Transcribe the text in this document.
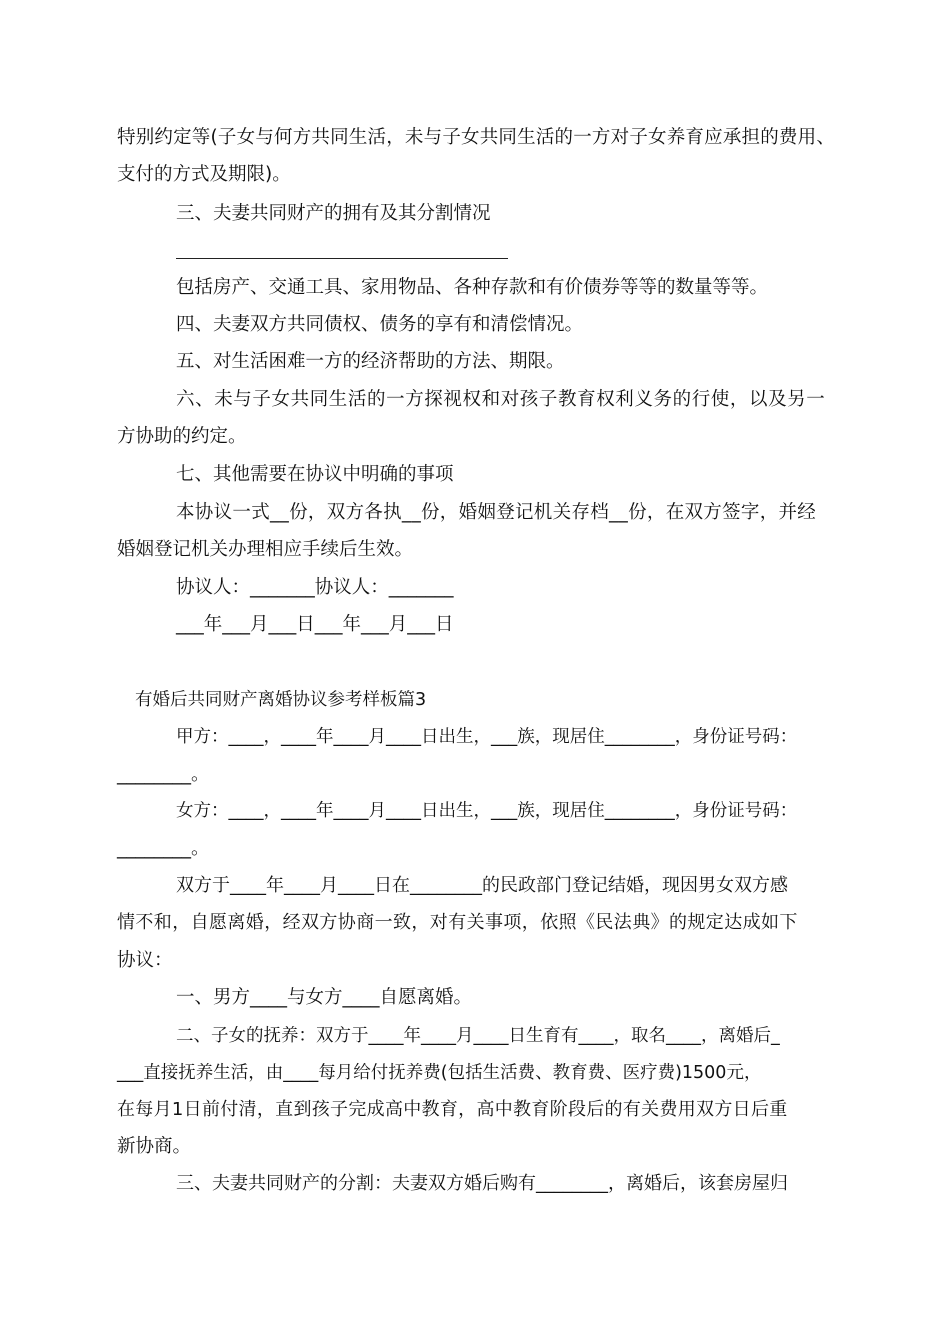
特别约定等(子女与何方共同生活，未与子女共同生活的一方对子女养育应承担的费用、

支付的方式及期限)。

三、夫妻共同财产的拥有及其分割情况

包括房产、交通工具、家用物品、各种存款和有价债券等等的数量等等。

四、夫妻双方共同债权、债务的享有和清偿情况。

五、对生活困难一方的经济帮助的方法、期限。

六、未与子女共同生活的一方探视权和对孩子教育权利义务的行使，以及另一

方协助的约定。

七、其他需要在协议中明确的事项

本协议一式__份，双方各执__份，婚姻登记机关存档__份，在双方签字，并经

婚姻登记机关办理相应手续后生效。

协议人：_______协议人：_______

___年___月___日___年___月___日

有婚后共同财产离婚协议参考样板篇3

甲方：____，____年____月____日出生，___族，现居住________，身份证号码：

________。

女方：____，____年____月____日出生，___族，现居住________，身份证号码：

________。

双方于____年____月____日在________的民政部门登记结婚，现因男女双方感

情不和，自愿离婚，经双方协商一致，对有关事项，依照《民法典》的规定达成如下

协议：

一、男方____与女方____自愿离婚。

二、子女的抚养：双方于____年____月____日生育有____，取名____，离婚后_

___直接抚养生活，由____每月给付抚养费(包括生活费、教育费、医疗费)1500元，

在每月1日前付清，直到孩子完成高中教育，高中教育阶段后的有关费用双方日后重

新协商。

三、夫妻共同财产的分割：夫妻双方婚后购有________，离婚后，该套房屋归
